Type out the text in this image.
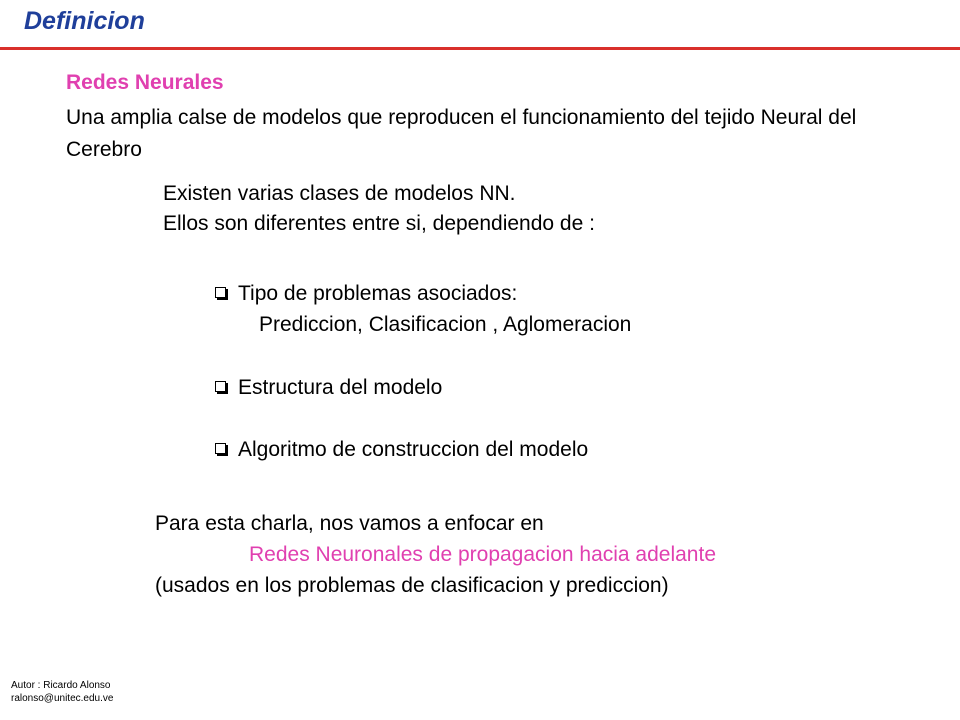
Definicion
Redes Neurales
Una amplia calse de modelos que reproducen el funcionamiento del tejido Neural del Cerebro
Existen varias clases de modelos NN.
Ellos son diferentes entre si, dependiendo de :
Tipo de problemas asociados:
Prediccion, Clasificacion , Aglomeracion
Estructura del modelo
Algoritmo de construccion del modelo
Para esta charla, nos vamos a enfocar en
Redes Neuronales de propagacion hacia adelante
(usados en los problemas de clasificacion y prediccion)
Autor : Ricardo Alonso
ralonso@unitec.edu.ve
